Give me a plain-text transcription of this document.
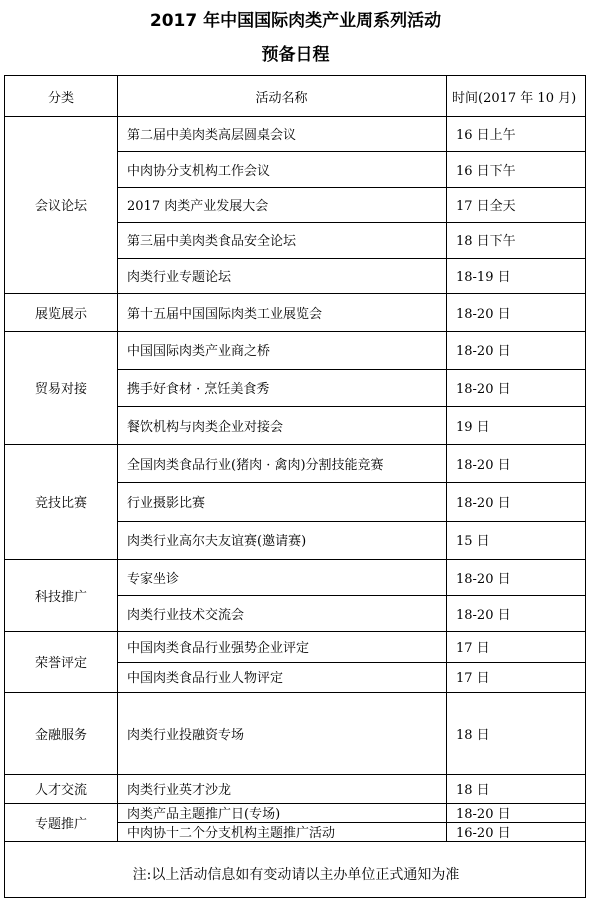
2017 年中国国际肉类产业周系列活动
预备日程
分类	活动名称	时间(2017 年 10 月)
注:以上活动信息如有变动请以主办单位正式通知为准
会议论坛
第二届中美肉类高层圆桌会议	16 日上午
中肉协分支机构工作会议	16 日下午
2017 肉类产业发展大会	17 日全天
第三届中美肉类食品安全论坛	18 日下午
肉类行业专题论坛	18-19 日
展览展示	第十五届中国国际肉类工业展览会	18-20 日
贸易对接
中国国际肉类产业商之桥	18-20 日
携手好食材 · 烹饪美食秀	18-20 日
餐饮机构与肉类企业对接会	19 日
竞技比赛
全国肉类食品行业(猪肉 · 禽肉)分割技能竞赛	18-20 日
行业摄影比赛	18-20 日
肉类行业高尔夫友谊赛(邀请赛)	15 日
科技推广
专家坐诊	18-20 日
肉类行业技术交流会	18-20 日
荣誉评定
中国肉类食品行业强势企业评定	17 日
中国肉类食品行业人物评定	17 日
金融服务	肉类行业投融资专场	18 日
人才交流	肉类行业英才沙龙	18 日
专题推广
肉类产品主题推广日(专场)	18-20 日
中肉协十二个分支机构主题推广活动	16-20 日
